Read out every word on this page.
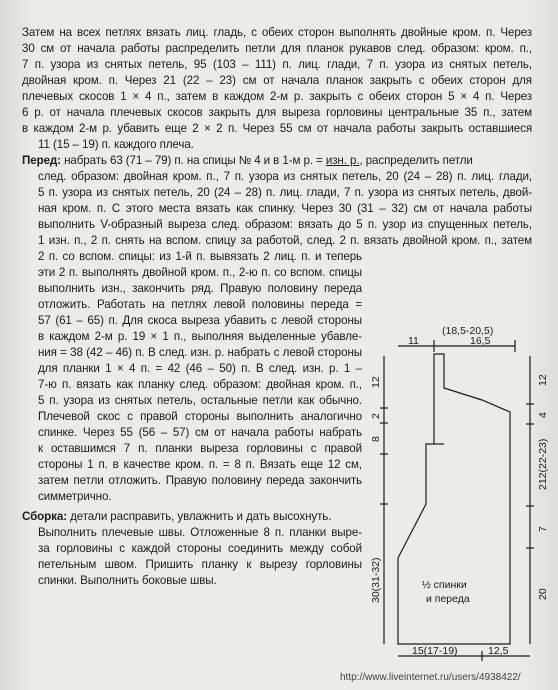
Затем на всех петлях вязать лиц. гладь, с обеих сторон выполнять двойные кром. п. Через
30 см от начала работы распределить петли для планок рукавов след. образом: кром. п.,
7 п. узора из снятых петель, 95 (103 – 111) п. лиц. глади, 7 п. узора из снятых петель,
двойная кром. п. Через 21 (22 – 23) см от начала планок закрыть с обеих сторон для
плечевых скосов 1 × 4 п., затем в каждом 2-м р. закрыть с обеих сторон 5 × 4 п. Через
6 р. от начала плечевых скосов закрыть для выреза горловины центральные 35 п., затем
в каждом 2-м р. убавить еще 2 × 2 п. Через 55 см от начала работы закрыть оставшиеся
11 (15 – 19) п. каждого плеча.
Перед: набрать 63 (71 – 79) п. на спицы № 4 и в 1-м р. = изн. р., распределить петли
след. образом: двойная кром. п., 7 п. узора из снятых петель, 20 (24 – 28) п. лиц. глади,
5 п. узора из снятых петель, 20 (24 – 28) п. лиц. глади, 7 п. узора из снятых петель, двой-
ная кром. п. С этого места вязать как спинку. Через 30 (31 – 32) см от начала работы
выполнить V-образный выреза след. образом: вязать до 5 п. узор из спущенных петель,
1 изн. п., 2 п. снять на вспом. спицу за работой, след. 2 п. вязать двойной кром. п., затем
2 п. со вспом. спицы: из 1-й п. вывязать 2 лиц. п. и теперь
эти 2 п. выполнять двойной кром. п., 2-ю п. со вспом. спицы
выполнить изн., закончить ряд. Правую половину переда
отложить. Работать на петлях левой половины переда =
57 (61 – 65) п. Для скоса выреза убавить с левой стороны
в каждом 2-м р. 19 × 1 п., выполняя выделенные убавле-
ния = 38 (42 – 46) п. В след. изн. р. набрать с левой стороны
для планки 1 × 4 п. = 42 (46 – 50) п. В след. изн. р. 1 –
7-ю п. вязать как планку след. образом: двойная кром. п.,
5 п. узора из снятых петель, остальные петли как обычно.
Плечевой скос с правой стороны выполнить аналогично
спинке. Через 55 (56 – 57) см от начала работы набрать
к оставшимся 7 п. планки выреза горловины с правой
стороны 1 п. в качестве кром. п. = 8 п. Вязать еще 12 см,
затем петли отложить. Правую половину переда закончить
симметрично.
Сборка: детали расправить, увлажнить и дать высохнуть.
Выполнить плечевые швы. Отложенные 8 п. планки выре-
за горловины с каждой стороны соединить между собой
петельным швом. Пришить планку к вырезу горловины
спинки. Выполнить боковые швы.
(18,5-20,5)
11	16,5
½ спинки
и переда
15(17-19)	12,5
12
2
8
30(31-32)
12
4
212(22-23)
7
20
http://www.liveinternet.ru/users/4938422/
